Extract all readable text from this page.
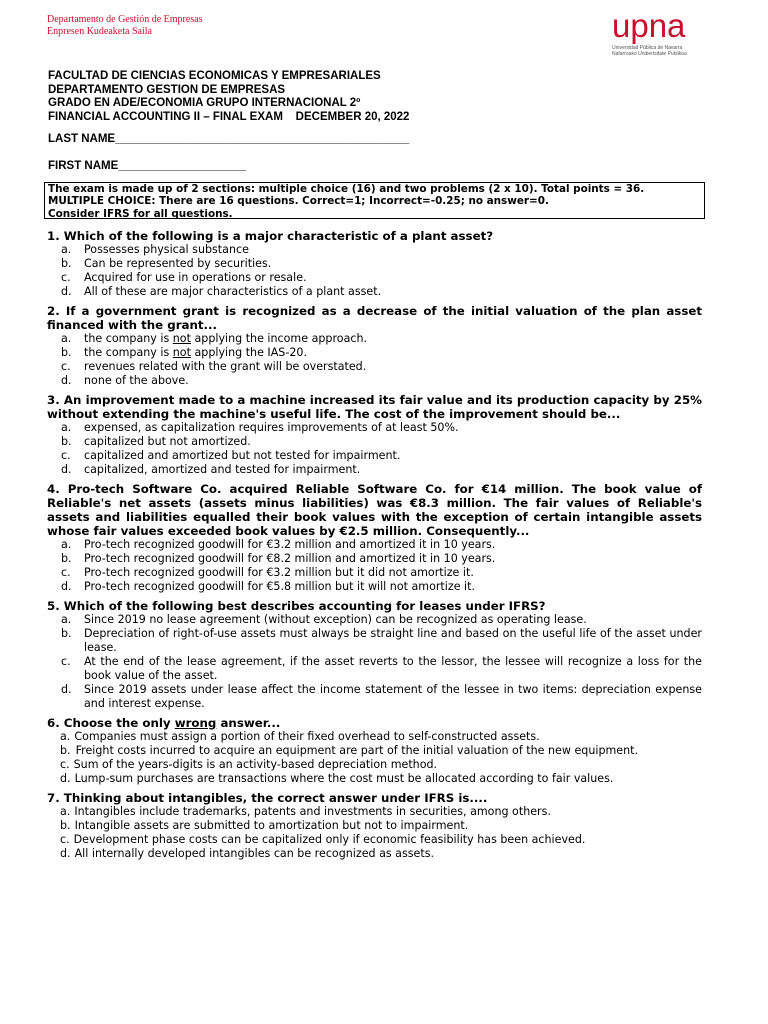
Departamento de Gestión de Empresas
Enpresen Kudeaketa Saila	upna
Universidad Pública de Navarra
Nafarroako Unibertsitate Publikoa
FACULTAD DE CIENCIAS ECONOMICAS Y EMPRESARIALES
DEPARTAMENTO GESTION DE EMPRESAS
GRADO EN ADE/ECONOMIA GRUPO INTERNACIONAL 2º
FINANCIAL ACCOUNTING II – FINAL EXAM    DECEMBER 20, 2022
LAST NAME______________________________________________
FIRST NAME____________________
The exam is made up of 2 sections: multiple choice (16) and two problems (2 x 10). Total points = 36.
MULTIPLE CHOICE: There are 16 questions. Correct=1; Incorrect=-0.25; no answer=0.
Consider IFRS for all questions.
1. Which of the following is a major characteristic of a plant asset?
a.	Possesses physical substance
b.	Can be represented by securities.
c.	Acquired for use in operations or resale.
d.	All of these are major characteristics of a plant asset.
2. If a government grant is recognized as a decrease of the initial valuation of the plan asset financed with the grant...
a.	the company is not applying the income approach.
b.	the company is not applying the IAS-20.
c.	revenues related with the grant will be overstated.
d.	none of the above.
3. An improvement made to a machine increased its fair value and its production capacity by 25% without extending the machine's useful life. The cost of the improvement should be...
a.	expensed, as capitalization requires improvements of at least 50%.
b.	capitalized but not amortized.
c.	capitalized and amortized but not tested for impairment.
d.	capitalized, amortized and tested for impairment.
4. Pro-tech Software Co. acquired Reliable Software Co. for €14 million. The book value of Reliable's net assets (assets minus liabilities) was €8.3 million. The fair values of Reliable's assets and liabilities equalled their book values with the exception of certain intangible assets whose fair values exceeded book values by €2.5 million. Consequently...
a.	Pro-tech recognized goodwill for €3.2 million and amortized it in 10 years.
b.	Pro-tech recognized goodwill for €8.2 million and amortized it in 10 years.
c.	Pro-tech recognized goodwill for €3.2 million but it did not amortize it.
d.	Pro-tech recognized goodwill for €5.8 million but it will not amortize it.
5. Which of the following best describes accounting for leases under IFRS?
a.	Since 2019 no lease agreement (without exception) can be recognized as operating lease.
b.	Depreciation of right-of-use assets must always be straight line and based on the useful life of the asset under lease.
c.	At the end of the lease agreement, if the asset reverts to the lessor, the lessee will recognize a loss for the book value of the asset.
d.	Since 2019 assets under lease affect the income statement of the lessee in two items: depreciation expense and interest expense.
6. Choose the only wrong answer...
a. Companies must assign a portion of their fixed overhead to self-constructed assets.
b. Freight costs incurred to acquire an equipment are part of the initial valuation of the new equipment.
c. Sum of the years-digits is an activity-based depreciation method.
d. Lump-sum purchases are transactions where the cost must be allocated according to fair values.
7. Thinking about intangibles, the correct answer under IFRS is....
a. Intangibles include trademarks, patents and investments in securities, among others.
b. Intangible assets are submitted to amortization but not to impairment.
c. Development phase costs can be capitalized only if economic feasibility has been achieved.
d. All internally developed intangibles can be recognized as assets.
